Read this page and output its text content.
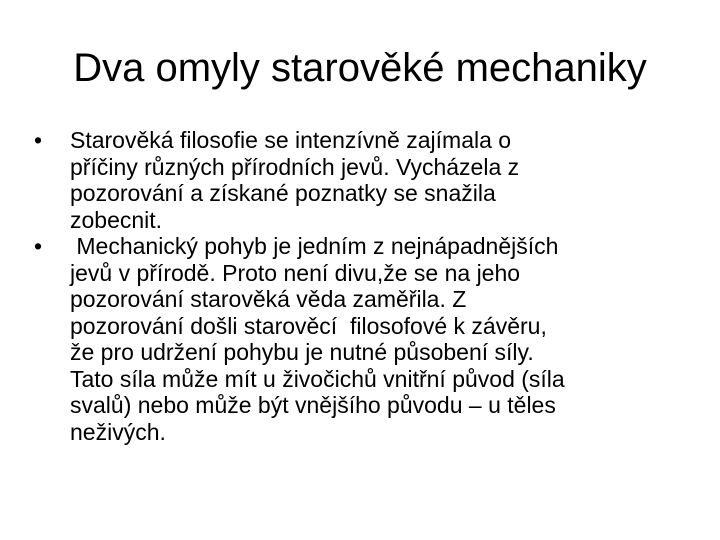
Dva omyly starověké mechaniky
•	Starověká filosofie se intenzívně zajímala o
příčiny různých přírodních jevů. Vycházela z
pozorování a získané poznatky se snažila
zobecnit.
•	Mechanický pohyb je jedním z nejnápadnějších
jevů v přírodě. Proto není divu,že se na jeho
pozorování starověká věda zaměřila. Z
pozorování došli starověcí  filosofové k závěru,
že pro udržení pohybu je nutné působení síly.
Tato síla může mít u živočichů vnitřní původ (síla
svalů) nebo může být vnějšího původu – u těles
neživých.
